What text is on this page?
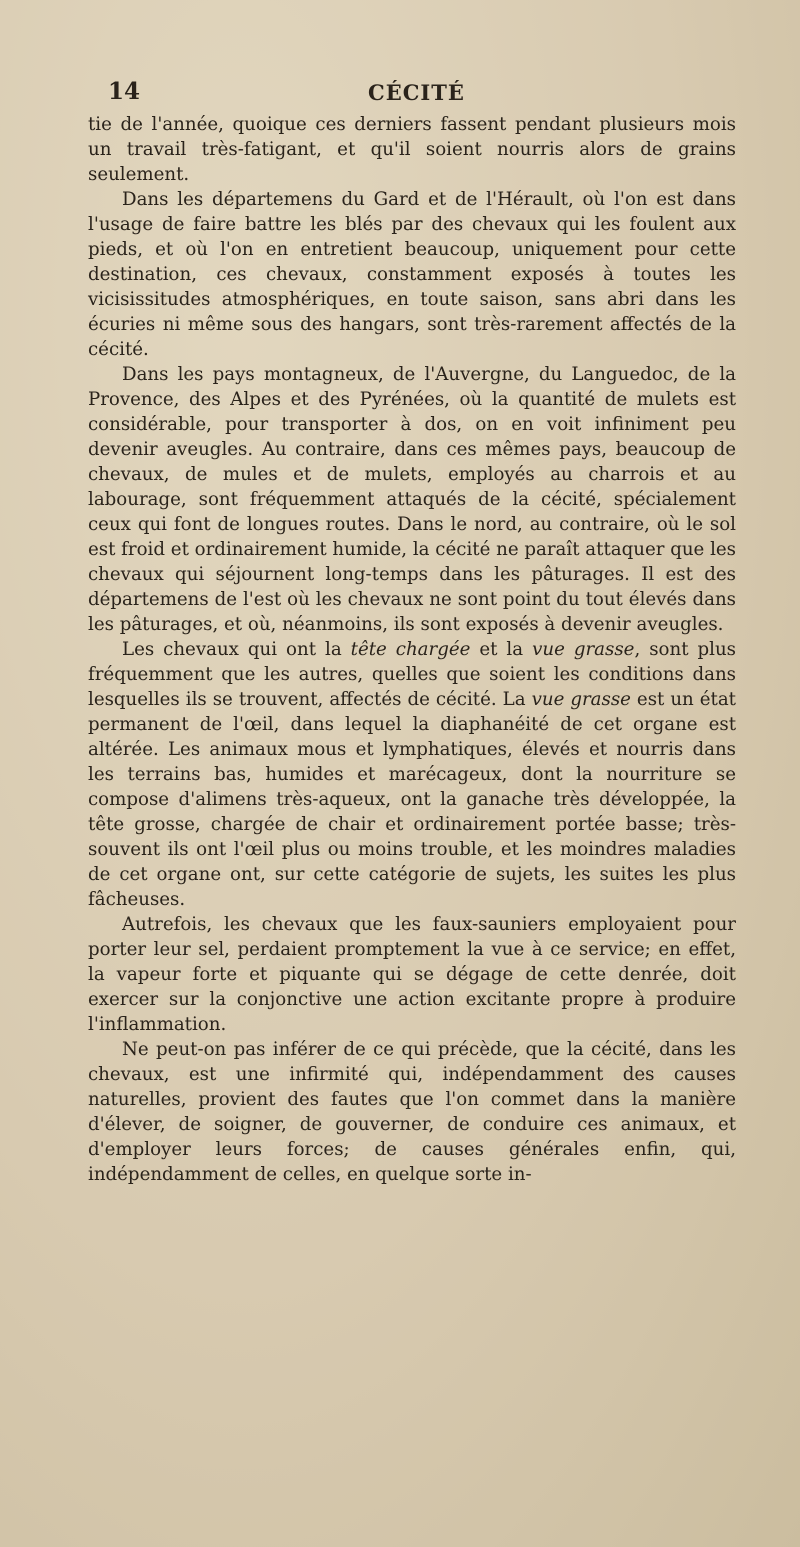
14	CÉCITÉ

tie de l'année, quoique ces derniers fassent pendant plusieurs mois un travail très-fatigant, et qu'il soient nourris alors de grains seulement.

Dans les départemens du Gard et de l'Hérault, où l'on est dans l'usage de faire battre les blés par des chevaux qui les foulent aux pieds, et où l'on en entretient beaucoup, uniquement pour cette destination, ces chevaux, constamment exposés à toutes les vicisissitudes atmosphériques, en toute saison, sans abri dans les écuries ni même sous des hangars, sont très-rarement affectés de la cécité.

Dans les pays montagneux, de l'Auvergne, du Languedoc, de la Provence, des Alpes et des Pyrénées, où la quantité de mulets est considérable, pour transporter à dos, on en voit infiniment peu devenir aveugles. Au contraire, dans ces mêmes pays, beaucoup de chevaux, de mules et de mulets, employés au charrois et au labourage, sont fréquemment attaqués de la cécité, spécialement ceux qui font de longues routes. Dans le nord, au contraire, où le sol est froid et ordinairement humide, la cécité ne paraît attaquer que les chevaux qui séjournent long-temps dans les pâturages. Il est des départemens de l'est où les chevaux ne sont point du tout élevés dans les pâturages, et où, néanmoins, ils sont exposés à devenir aveugles.

Les chevaux qui ont la tête chargée et la vue grasse, sont plus fréquemment que les autres, quelles que soient les conditions dans lesquelles ils se trouvent, affectés de cécité. La vue grasse est un état permanent de l'œil, dans lequel la diaphanéité de cet organe est altérée. Les animaux mous et lymphatiques, élevés et nourris dans les terrains bas, humides et marécageux, dont la nourriture se compose d'alimens très-aqueux, ont la ganache très développée, la tête grosse, chargée de chair et ordinairement portée basse; très-souvent ils ont l'œil plus ou moins trouble, et les moindres maladies de cet organe ont, sur cette catégorie de sujets, les suites les plus fâcheuses.

Autrefois, les chevaux que les faux-sauniers employaient pour porter leur sel, perdaient promptement la vue à ce service; en effet, la vapeur forte et piquante qui se dégage de cette denrée, doit exercer sur la conjonctive une action excitante propre à produire l'inflammation.

Ne peut-on pas inférer de ce qui précède, que la cécité, dans les chevaux, est une infirmité qui, indépendamment des causes naturelles, provient des fautes que l'on commet dans la manière d'élever, de soigner, de gouverner, de conduire ces animaux, et d'employer leurs forces; de causes générales enfin, qui, indépendamment de celles, en quelque sorte in-
